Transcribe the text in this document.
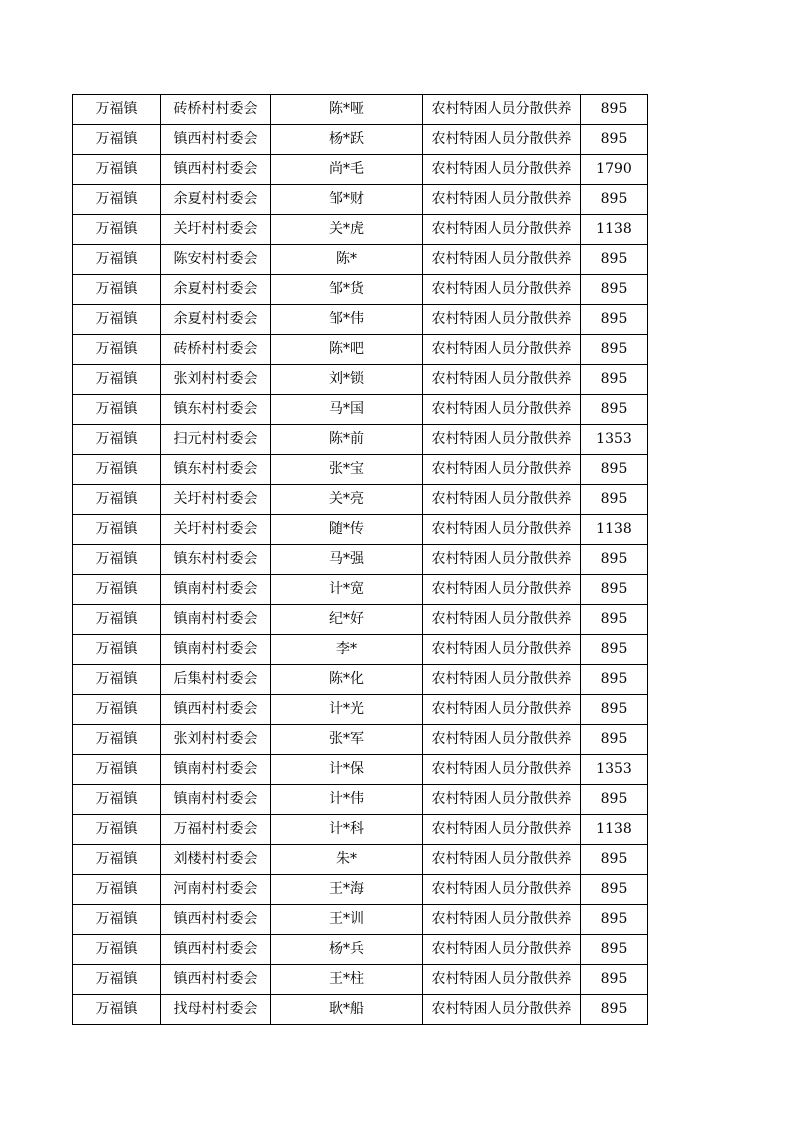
万福镇	砖桥村村委会	陈*哑	农村特困人员分散供养	895
万福镇	镇西村村委会	杨*跃	农村特困人员分散供养	895
万福镇	镇西村村委会	尚*毛	农村特困人员分散供养	1790
万福镇	余夏村村委会	邹*财	农村特困人员分散供养	895
万福镇	关圩村村委会	关*虎	农村特困人员分散供养	1138
万福镇	陈安村村委会	陈*	农村特困人员分散供养	895
万福镇	余夏村村委会	邹*货	农村特困人员分散供养	895
万福镇	余夏村村委会	邹*伟	农村特困人员分散供养	895
万福镇	砖桥村村委会	陈*吧	农村特困人员分散供养	895
万福镇	张刘村村委会	刘*锁	农村特困人员分散供养	895
万福镇	镇东村村委会	马*国	农村特困人员分散供养	895
万福镇	扫元村村委会	陈*前	农村特困人员分散供养	1353
万福镇	镇东村村委会	张*宝	农村特困人员分散供养	895
万福镇	关圩村村委会	关*亮	农村特困人员分散供养	895
万福镇	关圩村村委会	随*传	农村特困人员分散供养	1138
万福镇	镇东村村委会	马*强	农村特困人员分散供养	895
万福镇	镇南村村委会	计*宽	农村特困人员分散供养	895
万福镇	镇南村村委会	纪*好	农村特困人员分散供养	895
万福镇	镇南村村委会	李*	农村特困人员分散供养	895
万福镇	后集村村委会	陈*化	农村特困人员分散供养	895
万福镇	镇西村村委会	计*光	农村特困人员分散供养	895
万福镇	张刘村村委会	张*军	农村特困人员分散供养	895
万福镇	镇南村村委会	计*保	农村特困人员分散供养	1353
万福镇	镇南村村委会	计*伟	农村特困人员分散供养	895
万福镇	万福村村委会	计*科	农村特困人员分散供养	1138
万福镇	刘楼村村委会	朱*	农村特困人员分散供养	895
万福镇	河南村村委会	王*海	农村特困人员分散供养	895
万福镇	镇西村村委会	王*训	农村特困人员分散供养	895
万福镇	镇西村村委会	杨*兵	农村特困人员分散供养	895
万福镇	镇西村村委会	王*柱	农村特困人员分散供养	895
万福镇	找母村村委会	耿*船	农村特困人员分散供养	895
